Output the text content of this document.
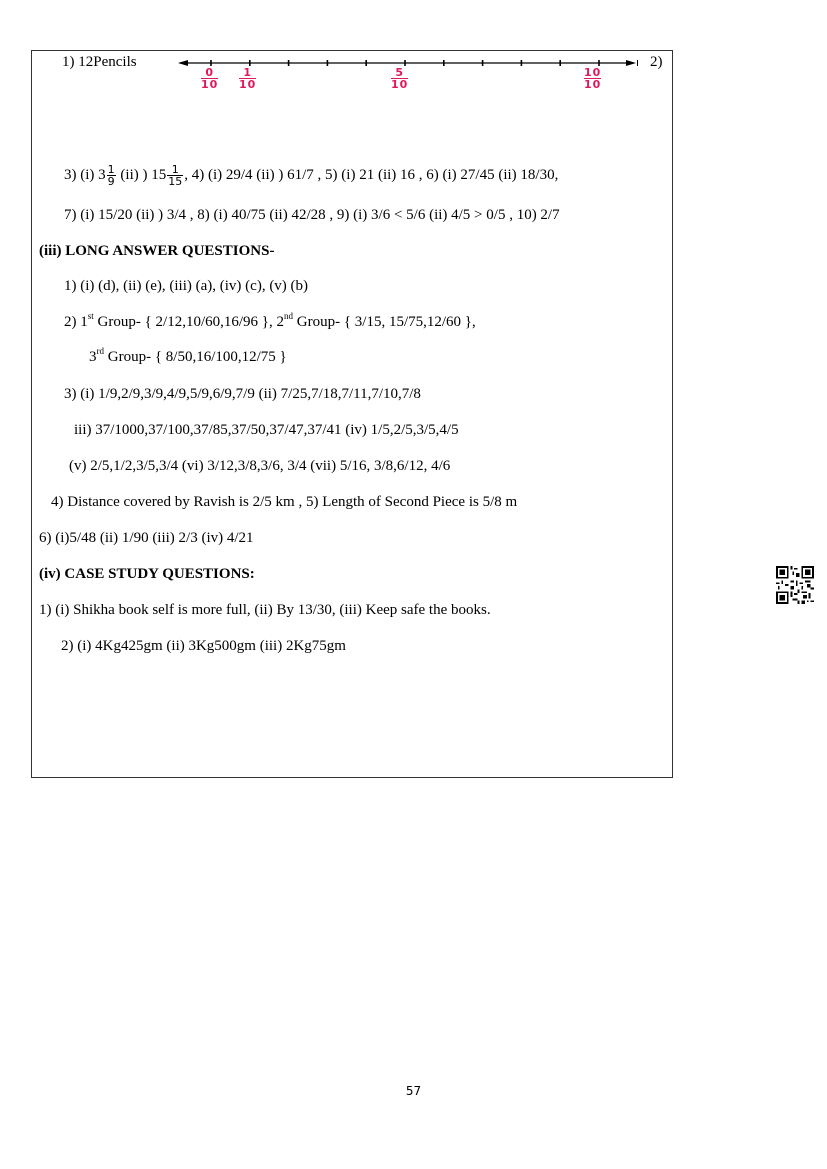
1) 12Pencils	2)
$\frac{0}{10} \frac{1}{10}$	$\frac{5}{10}$	$\frac{10}{10}$
3) (i) $3 \frac{1}{9} (ii)$ ) $15 \frac{1}{15}$ , 4) (i) 29/4 (ii) ) 61/7 , 5) (i) 21 (ii) 16 , 6) (i) 27/45 (ii) 18/30,
7) (i) 15/20 (ii) ) 3/4 , 8) (i) 40/75 (ii) 42/28 , 9) (i) 3/6 < 5/6 (ii) 4/5 > 0/5 , 10) 2/7
(iii) LONG ANSWER QUESTIONS-
1) (i) (d), (ii) (e), (iii) (a), (iv) (c), (v) (b)
2) 1st Group- { 2/12,10/60,16/96 }, 2nd Group- { 3/15, 15/75,12/60 },
3rd Group- { 8/50,16/100,12/75 }
3) (i) 1/9,2/9,3/9,4/9,5/9,6/9,7/9 (ii) 7/25,7/18,7/11,7/10,7/8
iii) 37/1000,37/100,37/85,37/50,37/47,37/41 (iv) 1/5,2/5,3/5,4/5
(v) 2/5,1/2,3/5,3/4 (vi) 3/12,3/8,3/6, 3/4 (vii) 5/16, 3/8,6/12, 4/6
4) Distance covered by Ravish is 2/5 km , 5) Length of Second Piece is 5/8 m
6) (i)5/48 (ii) 1/90 (iii) 2/3 (iv) 4/21
(iv) CASE STUDY QUESTIONS:
1) (i) Shikha book self is more full, (ii) By 13/30, (iii) Keep safe the books.
2) (i) 4Kg425gm (ii) 3Kg500gm (iii) 2Kg75gm
57
